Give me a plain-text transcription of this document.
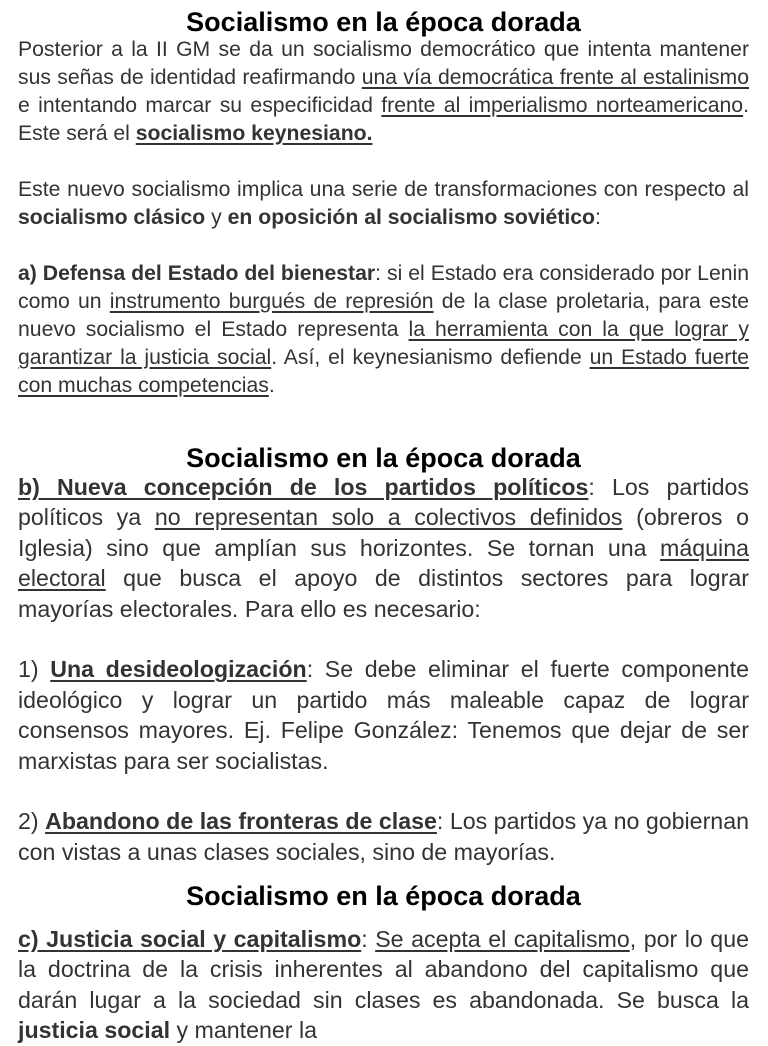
Socialismo en la época dorada

Posterior a la II GM se da un socialismo democrático que intenta mantener sus señas de identidad reafirmando una vía democrática frente al estalinismo e intentando marcar su especificidad frente al imperialismo norteamericano. Este será el socialismo keynesiano.

Este nuevo socialismo implica una serie de transformaciones con respecto al socialismo clásico y en oposición al socialismo soviético:

a) Defensa del Estado del bienestar: si el Estado era considerado por Lenin como un instrumento burgués de represión de la clase proletaria, para este nuevo socialismo el Estado representa la herramienta con la que lograr y garantizar la justicia social. Así, el keynesianismo defiende un Estado fuerte con muchas competencias.

Socialismo en la época dorada

b) Nueva concepción de los partidos políticos: Los partidos políticos ya no representan solo a colectivos definidos (obreros o Iglesia) sino que amplían sus horizontes. Se tornan una máquina electoral que busca el apoyo de distintos sectores para lograr mayorías electorales. Para ello es necesario:

1) Una desideologización: Se debe eliminar el fuerte componente ideológico y lograr un partido más maleable capaz de lograr consensos mayores. Ej. Felipe González: Tenemos que dejar de ser marxistas para ser socialistas.

2) Abandono de las fronteras de clase: Los partidos ya no gobiernan con vistas a unas clases sociales, sino de mayorías.

Socialismo en la época dorada

c) Justicia social y capitalismo: Se acepta el capitalismo, por lo que la doctrina de la crisis inherentes al abandono del capitalismo que darán lugar a la sociedad sin clases es abandonada. Se busca la justicia social y mantener la
